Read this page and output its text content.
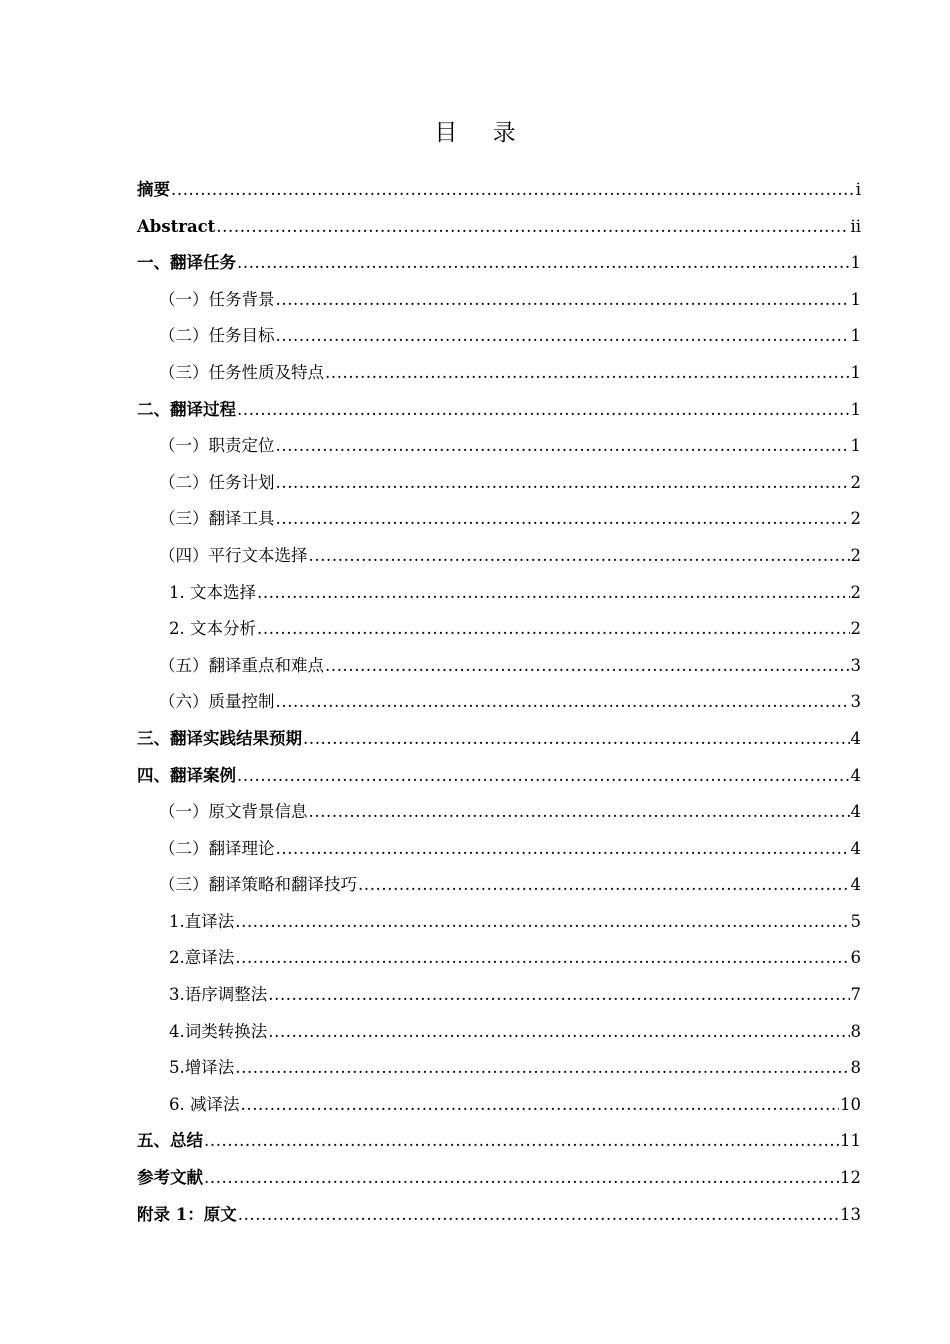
目 录
摘要 .....	i
Abstract .....	ii
一、翻译任务 .....	1
（一）任务背景 .....	1
（二）任务目标 .....	1
（三）任务性质及特点 .....	1
二、翻译过程 .....	1
（一）职责定位 .....	1
（二）任务计划 .....	2
（三）翻译工具 .....	2
（四）平行文本选择 .....	2
1. 文本选择 .....	2
2. 文本分析 .....	2
（五）翻译重点和难点 .....	3
（六）质量控制 .....	3
三、翻译实践结果预期 .....	4
四、翻译案例 .....	4
（一）原文背景信息 .....	4
（二）翻译理论 .....	4
（三）翻译策略和翻译技巧 .....	4
1.直译法 .....	5
2.意译法 .....	6
3.语序调整法 .....	7
4.词类转换法 .....	8
5.增译法 .....	8
6. 减译法 .....	10
五、总结 .....	11
参考文献 .....	12
附录 1：原文 .....	13
